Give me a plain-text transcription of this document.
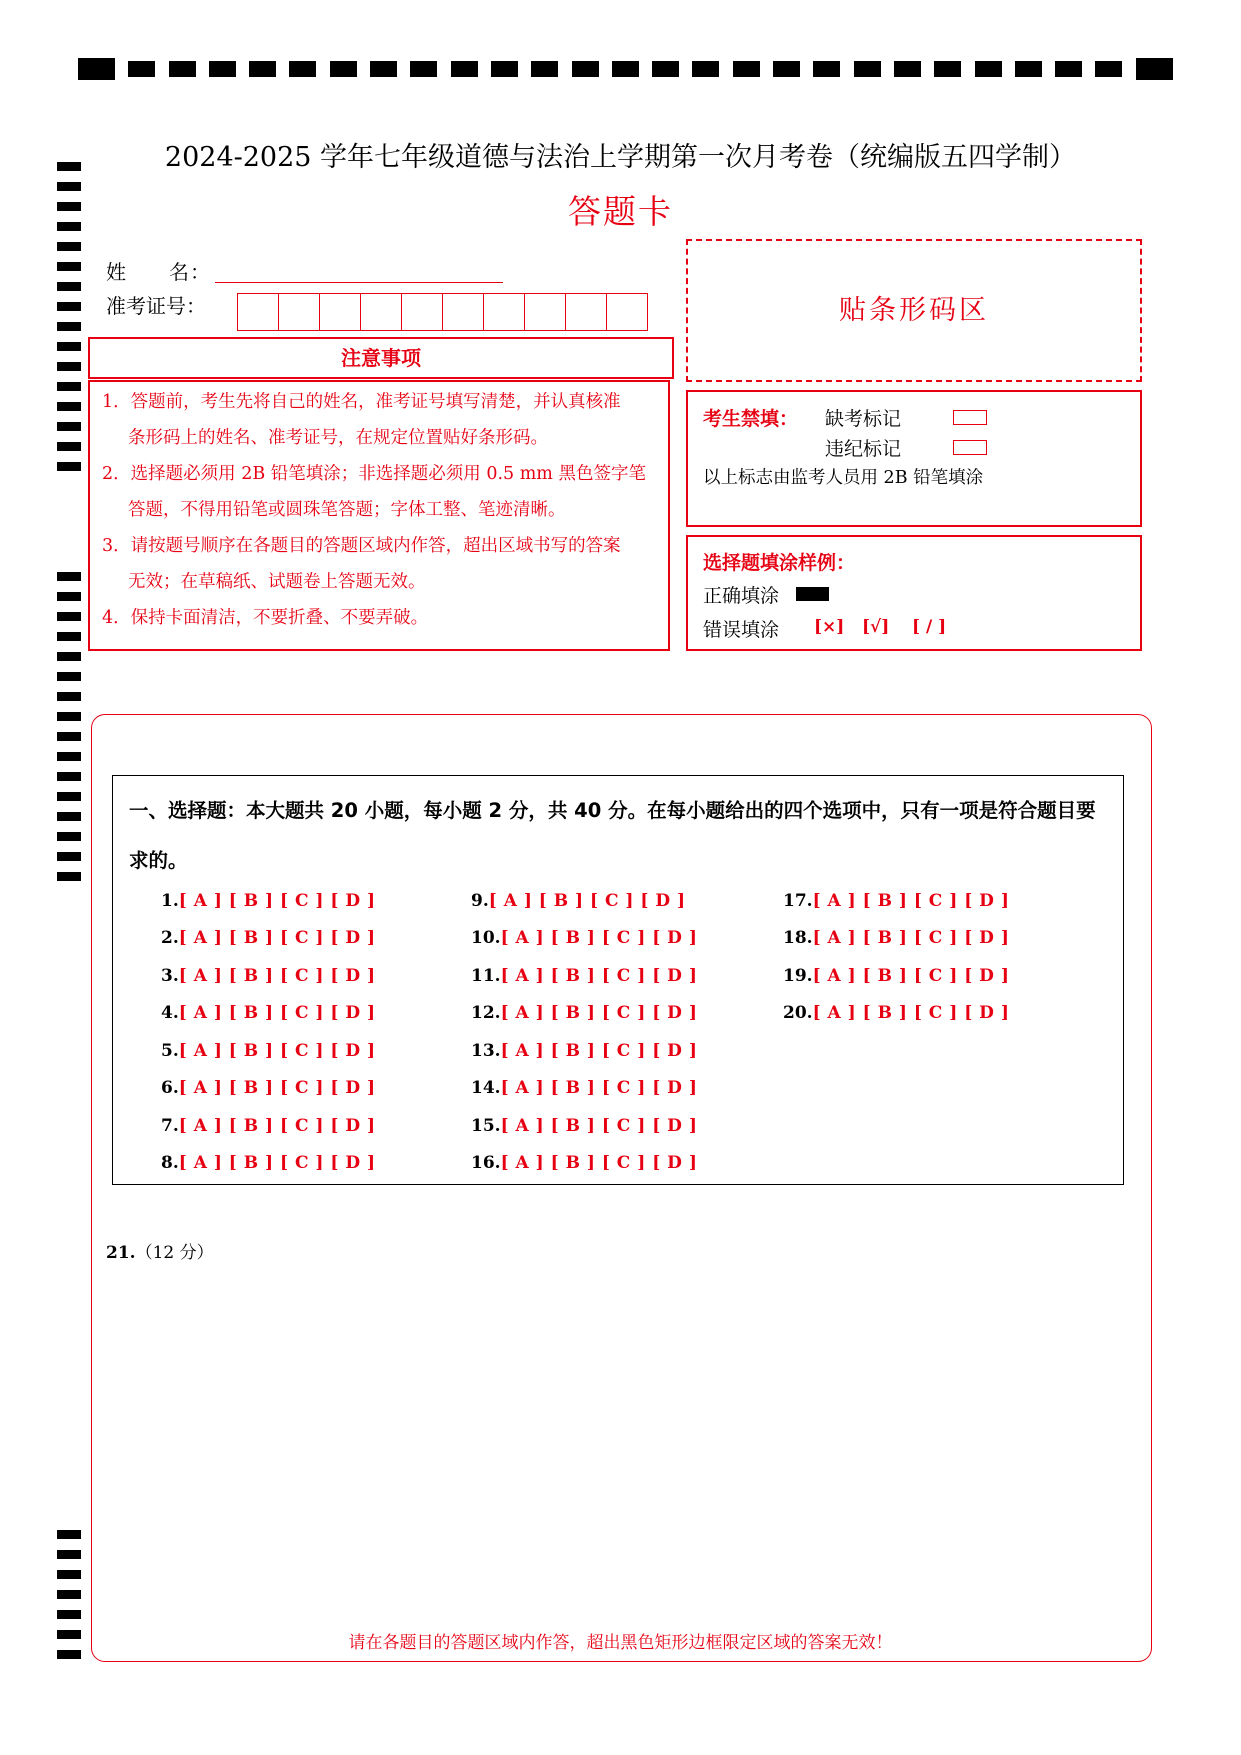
2024-2025 学年七年级道德与法治上学期第一次月考卷（统编版五四学制）
答题卡
姓　　名：
准考证号：
注意事项
1．答题前，考生先将自己的姓名，准考证号填写清楚，并认真核准
条形码上的姓名、准考证号，在规定位置贴好条形码。
2．选择题必须用 2B 铅笔填涂；非选择题必须用 0.5 mm 黑色签字笔
答题，不得用铅笔或圆珠笔答题；字体工整、笔迹清晰。
3．请按题号顺序在各题目的答题区域内作答，超出区域书写的答案
无效；在草稿纸、试题卷上答题无效。
4．保持卡面清洁，不要折叠、不要弄破。
贴条形码区
考生禁填： 缺考标记
违纪标记
以上标志由监考人员用 2B 铅笔填涂
选择题填涂样例：
正确填涂
错误填涂 [×] [√] [ / ]
一、选择题：本大题共 20 小题，每小题 2 分，共 40 分。在每小题给出的四个选项中，只有一项是符合题目要求的。
1.[ A ] [ B ] [ C ] [ D ]
2.[ A ] [ B ] [ C ] [ D ]
3.[ A ] [ B ] [ C ] [ D ]
4.[ A ] [ B ] [ C ] [ D ]
5.[ A ] [ B ] [ C ] [ D ]
6.[ A ] [ B ] [ C ] [ D ]
7.[ A ] [ B ] [ C ] [ D ]
8.[ A ] [ B ] [ C ] [ D ]
9.[ A ] [ B ] [ C ] [ D ]
10.[ A ] [ B ] [ C ] [ D ]
11.[ A ] [ B ] [ C ] [ D ]
12.[ A ] [ B ] [ C ] [ D ]
13.[ A ] [ B ] [ C ] [ D ]
14.[ A ] [ B ] [ C ] [ D ]
15.[ A ] [ B ] [ C ] [ D ]
16.[ A ] [ B ] [ C ] [ D ]
17.[ A ] [ B ] [ C ] [ D ]
18.[ A ] [ B ] [ C ] [ D ]
19.[ A ] [ B ] [ C ] [ D ]
20.[ A ] [ B ] [ C ] [ D ]
21.（12 分）
请在各题目的答题区域内作答，超出黑色矩形边框限定区域的答案无效！
